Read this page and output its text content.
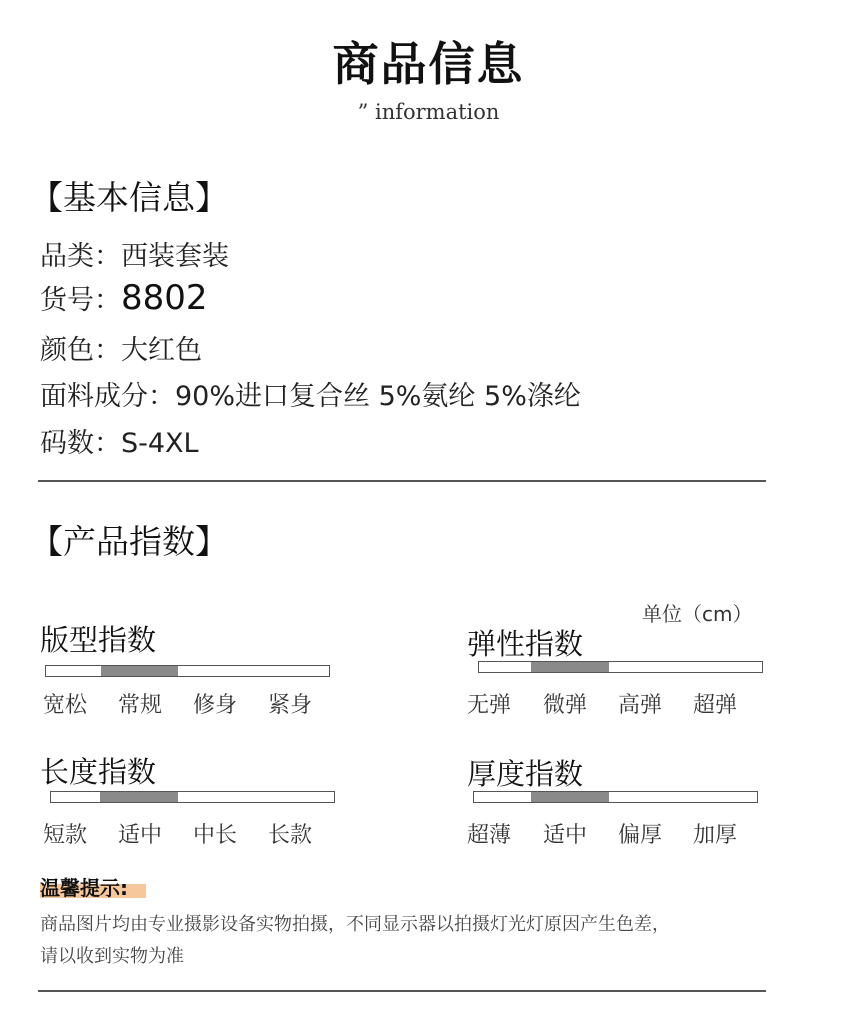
商品信息
” information
【基本信息】
品类：西装套装
货号：8802
颜色：大红色
面料成分：90%进口复合丝 5%氨纶 5%涤纶
码数：S-4XL
【产品指数】
单位（cm）
版型指数
宽松 常规 修身 紧身
弹性指数
无弹 微弹 高弹 超弹
长度指数
短款 适中 中长 长款
厚度指数
超薄 适中 偏厚 加厚
温馨提示:
商品图片均由专业摄影设备实物拍摄，不同显示器以拍摄灯光灯原因产生色差，
请以收到实物为准
